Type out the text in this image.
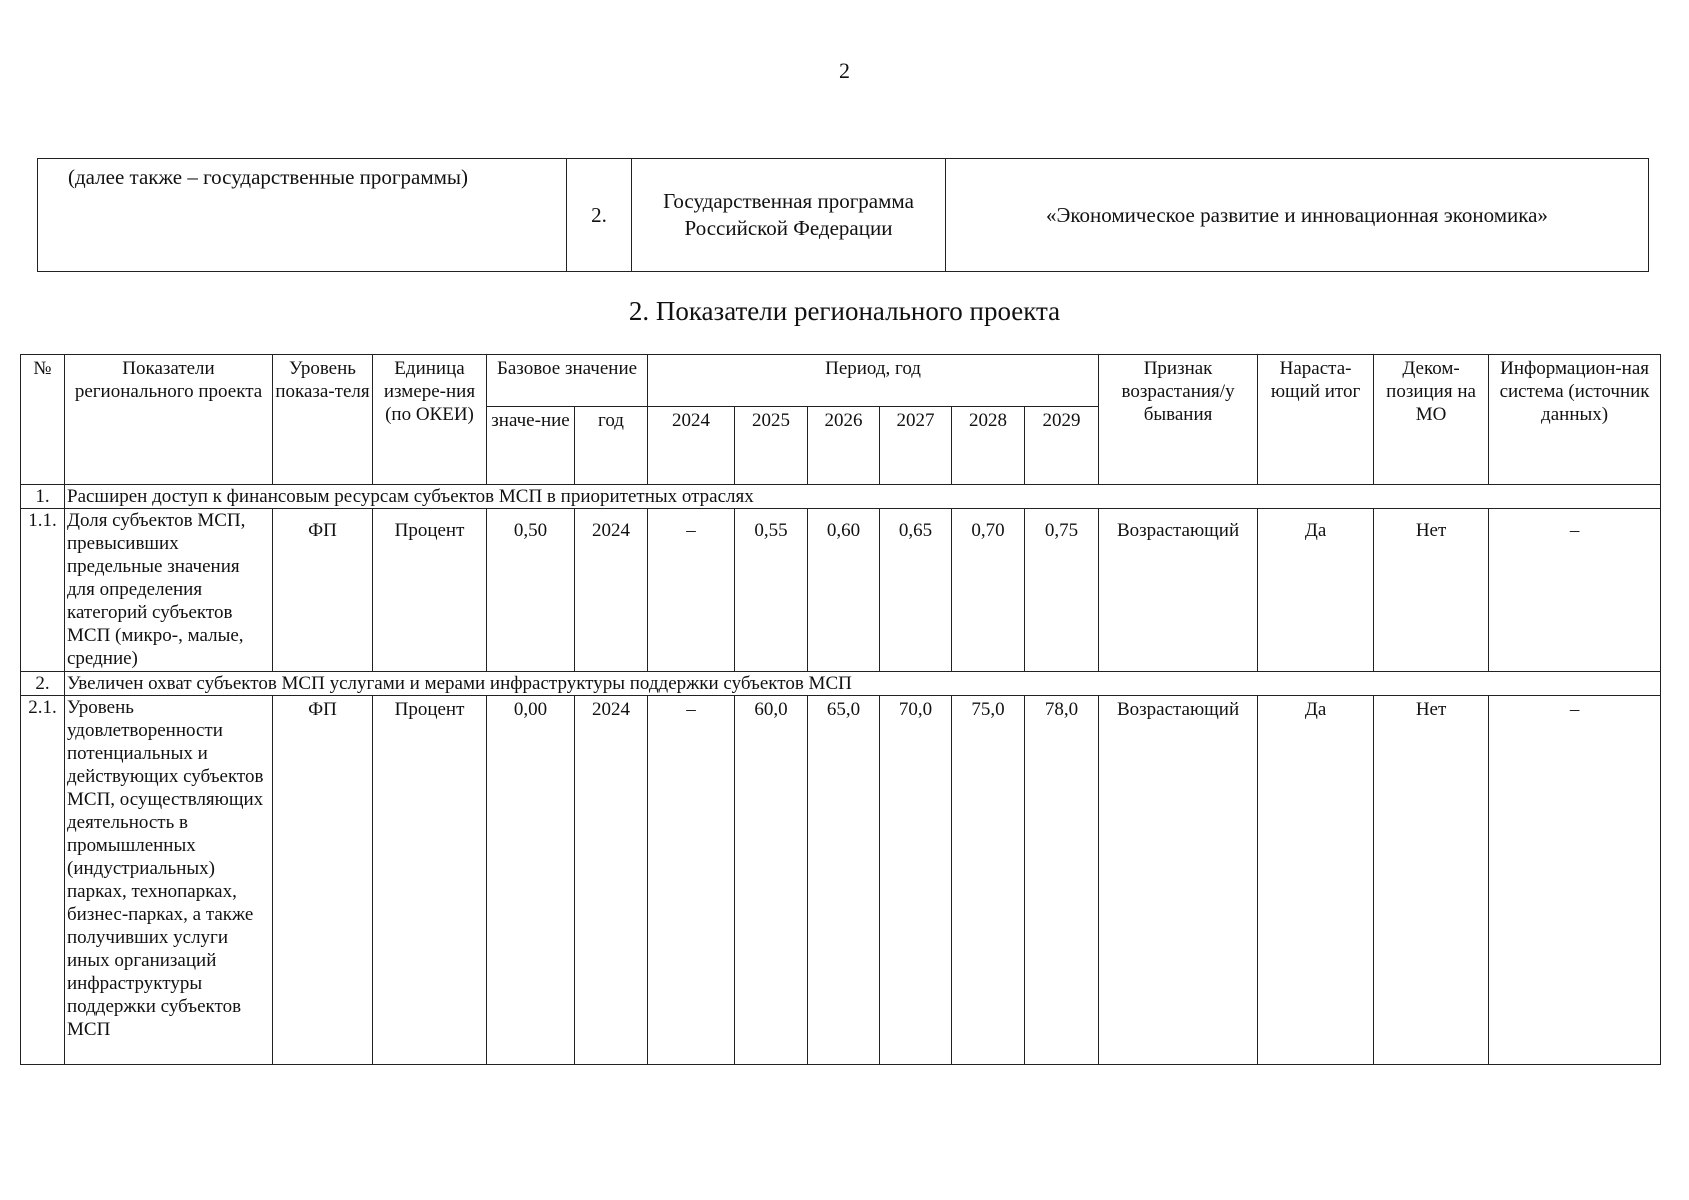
2
(далее также – государственные программы)	2.	Государственная программа Российской Федерации	«Экономическое развитие и инновационная экономика»
2. Показатели регионального проекта
№	Показатели регионального проекта	Уровень показа-теля	Единица измере-ния (по ОКЕИ)	Базовое значение		Период, год						Признак возрастания/у бывания	Нараста-ющий итог	Деком-позиция на МО	Информацион-ная система (источник данных)
				значе-ние	год	2024	2025	2026	2027	2028	2029				
1.	Расширен доступ к финансовым ресурсам субъектов МСП в приоритетных отраслях														
1.1.	Доля субъектов МСП, превысивших предельные значения для определения категорий субъектов МСП (микро-, малые, средние)	ФП	Процент	0,50	2024	–	0,55	0,60	0,65	0,70	0,75	Возрастающий	Да	Нет	–
2.	Увеличен охват субъектов МСП услугами и мерами инфраструктуры поддержки субъектов МСП														
2.1.	Уровень удовлетворенности потенциальных и действующих субъектов МСП, осуществляющих деятельность в промышленных (индустриальных) парках, технопарках, бизнес-парках, а также получивших услуги иных организаций инфраструктуры поддержки субъектов МСП	ФП	Процент	0,00	2024	–	60,0	65,0	70,0	75,0	78,0	Возрастающий	Да	Нет	–
